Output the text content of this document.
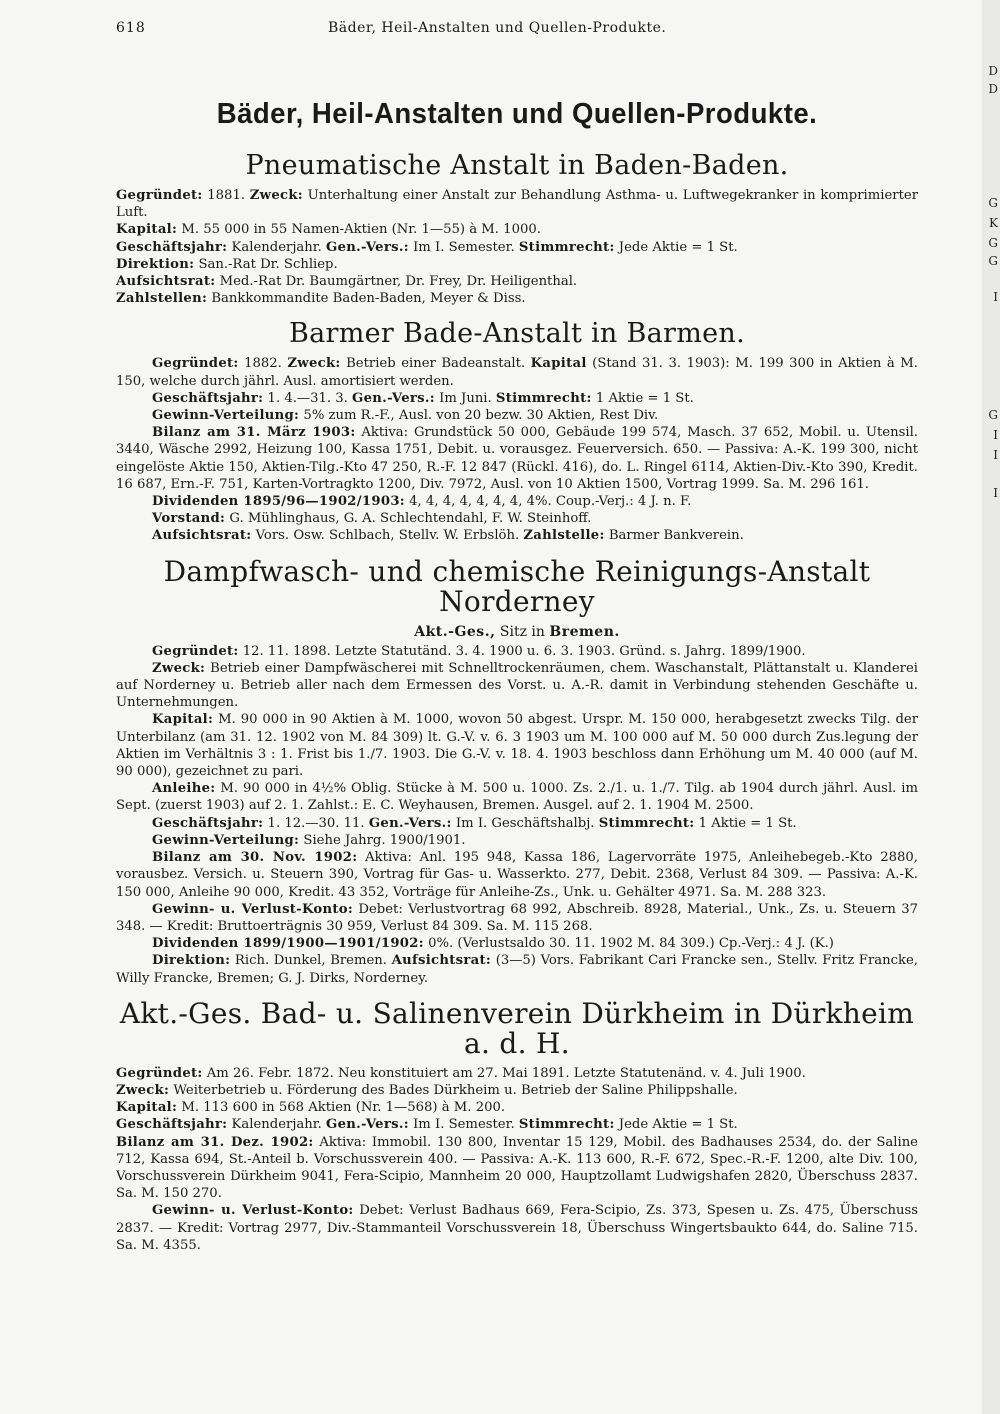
D
D
G
K
G
G
I
G
I
I
I
618	Bäder, Heil-Anstalten und Quellen-Produkte.
Bäder, Heil-Anstalten und Quellen-Produkte.
Pneumatische Anstalt in Baden-Baden.

Gegründet: 1881. Zweck: Unterhaltung einer Anstalt zur Behandlung Asthma- u. Luftwegekranker in komprimierter Luft.

Kapital: M. 55 000 in 55 Namen-Aktien (Nr. 1—55) à M. 1000.

Geschäftsjahr: Kalenderjahr. Gen.-Vers.: Im I. Semester. Stimmrecht: Jede Aktie = 1 St.

Direktion: San.-Rat Dr. Schliep.

Aufsichtsrat: Med.-Rat Dr. Baumgärtner, Dr. Frey, Dr. Heiligenthal.

Zahlstellen: Bankkommandite Baden-Baden, Meyer & Diss.

Barmer Bade-Anstalt in Barmen.

Gegründet: 1882. Zweck: Betrieb einer Badeanstalt. Kapital (Stand 31. 3. 1903): M. 199 300 in Aktien à M. 150, welche durch jährl. Ausl. amortisiert werden.

Geschäftsjahr: 1. 4.—31. 3. Gen.-Vers.: Im Juni. Stimmrecht: 1 Aktie = 1 St.

Gewinn-Verteilung: 5% zum R.-F., Ausl. von 20 bezw. 30 Aktien, Rest Div.

Bilanz am 31. März 1903: Aktiva: Grundstück 50 000, Gebäude 199 574, Masch. 37 652, Mobil. u. Utensil. 3440, Wäsche 2992, Heizung 100, Kassa 1751, Debit. u. vorausgez. Feuerversich. 650. — Passiva: A.-K. 199 300, nicht eingelöste Aktie 150, Aktien-Tilg.-Kto 47 250, R.-F. 12 847 (Rückl. 416), do. L. Ringel 6114, Aktien-Div.-Kto 390, Kredit. 16 687, Ern.-F. 751, Karten-Vortragkto 1200, Div. 7972, Ausl. von 10 Aktien 1500, Vortrag 1999. Sa. M. 296 161.

Dividenden 1895/96—1902/1903: 4, 4, 4, 4, 4, 4, 4, 4%. Coup.-Verj.: 4 J. n. F.

Vorstand: G. Mühlinghaus, G. A. Schlechtendahl, F. W. Steinhoff.

Aufsichtsrat: Vors. Osw. Schlbach, Stellv. W. Erbslöh. Zahlstelle: Barmer Bankverein.

Dampfwasch- und chemische Reinigungs-Anstalt Norderney
Akt.-Ges., Sitz in Bremen.

Gegründet: 12. 11. 1898. Letzte Statutänd. 3. 4. 1900 u. 6. 3. 1903. Gründ. s. Jahrg. 1899/1900.

Zweck: Betrieb einer Dampfwäscherei mit Schnelltrockenräumen, chem. Waschanstalt, Plättanstalt u. Klanderei auf Norderney u. Betrieb aller nach dem Ermessen des Vorst. u. A.-R. damit in Verbindung stehenden Geschäfte u. Unternehmungen.

Kapital: M. 90 000 in 90 Aktien à M. 1000, wovon 50 abgest. Urspr. M. 150 000, herabgesetzt zwecks Tilg. der Unterbilanz (am 31. 12. 1902 von M. 84 309) lt. G.-V. v. 6. 3 1903 um M. 100 000 auf M. 50 000 durch Zus.legung der Aktien im Verhältnis 3 : 1. Frist bis 1./7. 1903. Die G.-V. v. 18. 4. 1903 beschloss dann Erhöhung um M. 40 000 (auf M. 90 000), gezeichnet zu pari.

Anleihe: M. 90 000 in 4½% Oblig. Stücke à M. 500 u. 1000. Zs. 2./1. u. 1./7. Tilg. ab 1904 durch jährl. Ausl. im Sept. (zuerst 1903) auf 2. 1. Zahlst.: E. C. Weyhausen, Bremen. Ausgel. auf 2. 1. 1904 M. 2500.

Geschäftsjahr: 1. 12.—30. 11. Gen.-Vers.: Im I. Geschäftshalbj. Stimmrecht: 1 Aktie = 1 St.

Gewinn-Verteilung: Siehe Jahrg. 1900/1901.

Bilanz am 30. Nov. 1902: Aktiva: Anl. 195 948, Kassa 186, Lagervorräte 1975, Anleihebegeb.-Kto 2880, vorausbez. Versich. u. Steuern 390, Vortrag für Gas- u. Wasserkto. 277, Debit. 2368, Verlust 84 309. — Passiva: A.-K. 150 000, Anleihe 90 000, Kredit. 43 352, Vorträge für Anleihe-Zs., Unk. u. Gehälter 4971. Sa. M. 288 323.

Gewinn- u. Verlust-Konto: Debet: Verlustvortrag 68 992, Abschreib. 8928, Material., Unk., Zs. u. Steuern 37 348. — Kredit: Bruttoerträgnis 30 959, Verlust 84 309. Sa. M. 115 268.

Dividenden 1899/1900—1901/1902: 0%. (Verlustsaldo 30. 11. 1902 M. 84 309.) Cp.-Verj.: 4 J. (K.)

Direktion: Rich. Dunkel, Bremen. Aufsichtsrat: (3—5) Vors. Fabrikant Cari Francke sen., Stellv. Fritz Francke, Willy Francke, Bremen; G. J. Dirks, Norderney.

Akt.-Ges. Bad- u. Salinenverein Dürkheim in Dürkheim a. d. H.

Gegründet: Am 26. Febr. 1872. Neu konstituiert am 27. Mai 1891. Letzte Statutenänd. v. 4. Juli 1900.

Zweck: Weiterbetrieb u. Förderung des Bades Dürkheim u. Betrieb der Saline Philippshalle.

Kapital: M. 113 600 in 568 Aktien (Nr. 1—568) à M. 200.

Geschäftsjahr: Kalenderjahr. Gen.-Vers.: Im I. Semester. Stimmrecht: Jede Aktie = 1 St.

Bilanz am 31. Dez. 1902: Aktiva: Immobil. 130 800, Inventar 15 129, Mobil. des Badhauses 2534, do. der Saline 712, Kassa 694, St.-Anteil b. Vorschussverein 400. — Passiva: A.-K. 113 600, R.-F. 672, Spec.-R.-F. 1200, alte Div. 100, Vorschussverein Dürkheim 9041, Fera-Scipio, Mannheim 20 000, Hauptzollamt Ludwigshafen 2820, Überschuss 2837. Sa. M. 150 270.

Gewinn- u. Verlust-Konto: Debet: Verlust Badhaus 669, Fera-Scipio, Zs. 373, Spesen u. Zs. 475, Überschuss 2837. — Kredit: Vortrag 2977, Div.-Stammanteil Vorschussverein 18, Überschuss Wingertsbaukto 644, do. Saline 715. Sa. M. 4355.
